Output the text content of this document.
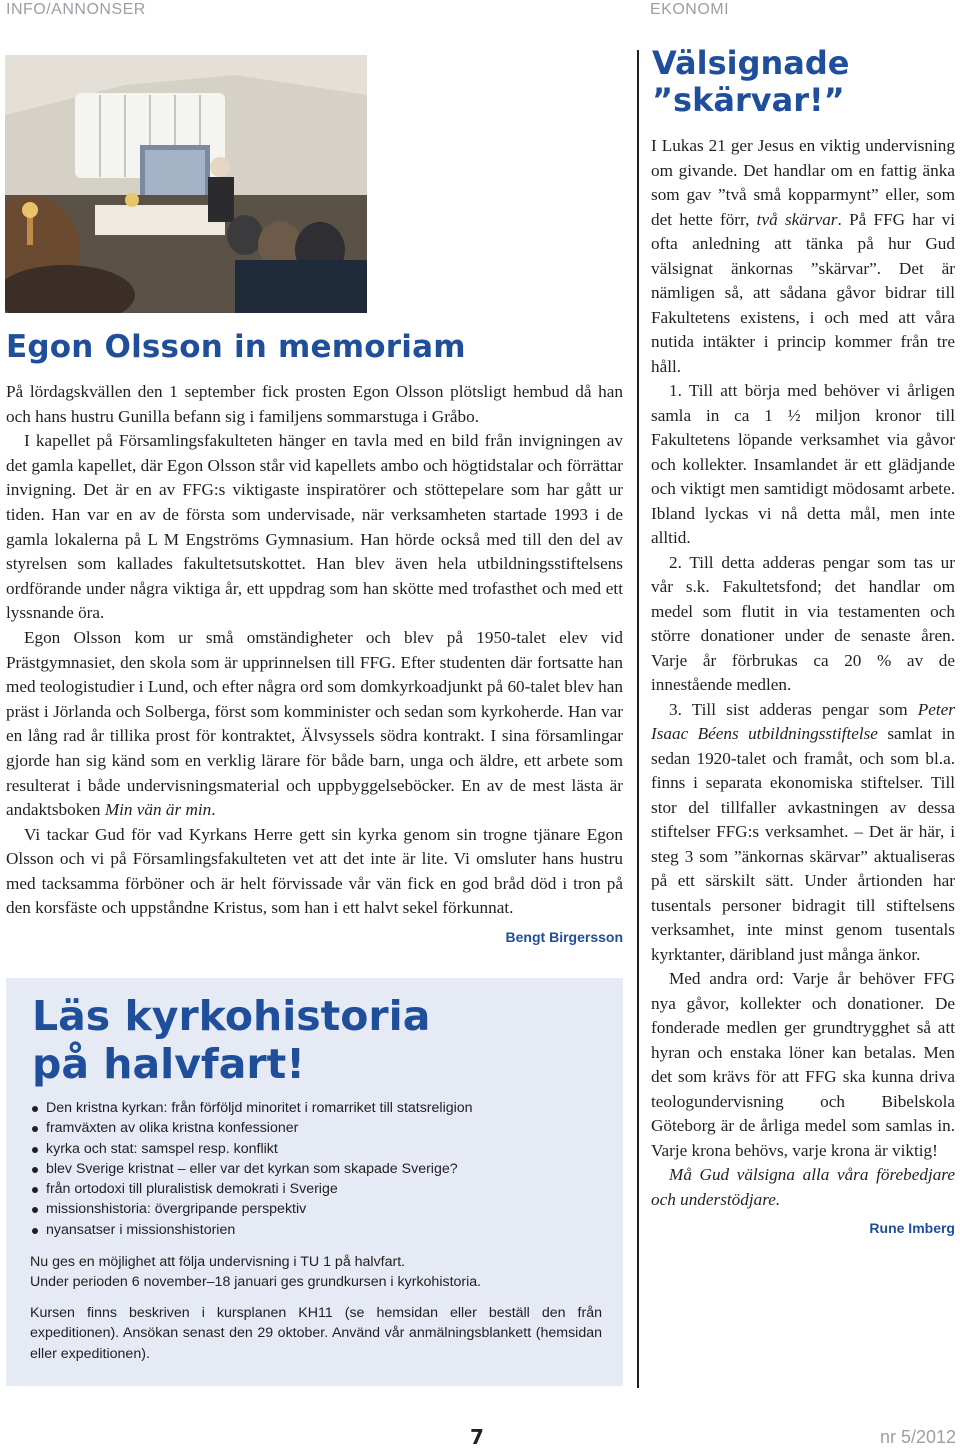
INFO/ANNONSER	EKONOMI
Egon Olsson in memoriam

På lördagskvällen den 1 september fick prosten Egon Olsson plötsligt hembud då han och hans hustru Gunilla befann sig i familjens sommarstuga i Gråbo.

I kapellet på Församlingsfakulteten hänger en tavla med en bild från invigningen av det gamla kapellet, där Egon Olsson står vid kapellets ambo och högtidstalar och förrättar invigning. Det är en av FFG:s viktigaste inspiratörer och stöttepelare som har gått ur tiden. Han var en av de första som undervisade, när verksamheten startade 1993 i de gamla lokalerna på L M Engströms Gymnasium. Han hörde också med till den del av styrelsen som kallades fakultetsutskottet. Han blev även hela utbildningsstiftelsens ordförande under några viktiga år, ett uppdrag som han skötte med trofasthet och med ett lyssnande öra.

Egon Olsson kom ur små omständigheter och blev på 1950-talet elev vid Prästgymnasiet, den skola som är upprinnelsen till FFG. Efter studenten där fortsatte han med teologistudier i Lund, och efter några ord som domkyrkoadjunkt på 60-talet blev han präst i Jörlanda och Solberga, först som komminister och sedan som kyrkoherde. Han var en lång rad år tillika prost för kontraktet, Älvsyssels södra kontrakt. I sina församlingar gjorde han sig känd som en verklig lärare för både barn, unga och äldre, ett arbete som resulterat i både undervisningsmaterial och uppbyggelseböcker. En av de mest lästa är andaktsboken Min vän är min.

Vi tackar Gud för vad Kyrkans Herre gett sin kyrka genom sin trogne tjänare Egon Olsson och vi på Församlingsfakulteten vet att det inte är lite. Vi omsluter hans hustru med tacksamma förböner och är helt förvissade vår vän fick en god bråd död i tron på den korsfäste och uppståndne Kristus, som han i ett halvt sekel förkunnat.
Bengt Birgersson

Läs kyrkohistoria
på halvfart!
Den kristna kyrkan: från förföljd minoritet i romarriket till statsreligion
framväxten av olika kristna konfessioner
kyrka och stat: samspel resp. konflikt
blev Sverige kristnat – eller var det kyrkan som skapade Sverige?
från ortodoxi till pluralistisk demokrati i Sverige
missionshistoria: övergripande perspektiv
nyansatser i missionshistorien
Nu ges en möjlighet att följa undervisning i TU 1 på halvfart.
Under perioden 6 november–18 januari ges grundkursen i kyrkohistoria.
Kursen finns beskriven i kursplanen KH11 (se hemsidan eller beställ den från expeditionen). Ansökan senast den 29 oktober. Använd vår anmälningsblankett (hemsidan eller expeditionen).
Välsignade
”skärvar!”

I Lukas 21 ger Jesus en viktig undervisning om givande. Det handlar om en fattig änka som gav ”två små kopparmynt” eller, som det hette förr, två skärvar. På FFG har vi ofta anledning att tänka på hur Gud välsignat änkornas ”skärvar”. Det är nämligen så, att sådana gåvor bidrar till Fakultetens existens, i och med att våra nutida intäkter i princip kommer från tre håll.

1. Till att börja med behöver vi årligen samla in ca 1 ½ miljon kronor till Fakultetens löpande verksamhet via gåvor och kollekter. Insamlandet är ett glädjande och viktigt men samtidigt mödosamt arbete. Ibland lyckas vi nå detta mål, men inte alltid.

2. Till detta adderas pengar som tas ur vår s.k. Fakultetsfond; det handlar om medel som flutit in via testamenten och större donationer under de senaste åren. Varje år förbrukas ca 20 % av de innestående medlen.

3. Till sist adderas pengar som Peter Isaac Béens utbildningsstiftelse samlat in sedan 1920-talet och framåt, och som bl.a. finns i separata ekonomiska stiftelser. Till stor del tillfaller avkastningen av dessa stiftelser FFG:s verksamhet. – Det är här, i steg 3 som ”änkornas skärvar” aktualiseras på ett särskilt sätt. Under årtionden har tusentals personer bidragit till stiftelsens verksamhet, inte minst genom tusentals kyrktanter, däribland just många änkor.

Med andra ord: Varje år behöver FFG nya gåvor, kollekter och donationer. De fonderade medlen ger grundtrygghet så att hyran och enstaka löner kan betalas. Men det som krävs för att FFG ska kunna driva teologundervisning och Bibelskola Göteborg är de årliga medel som samlas in. Varje krona behövs, varje krona är viktig!

Må Gud välsigna alla våra förebedjare och understödjare.

Rune Imberg
7	nr 5/2012
